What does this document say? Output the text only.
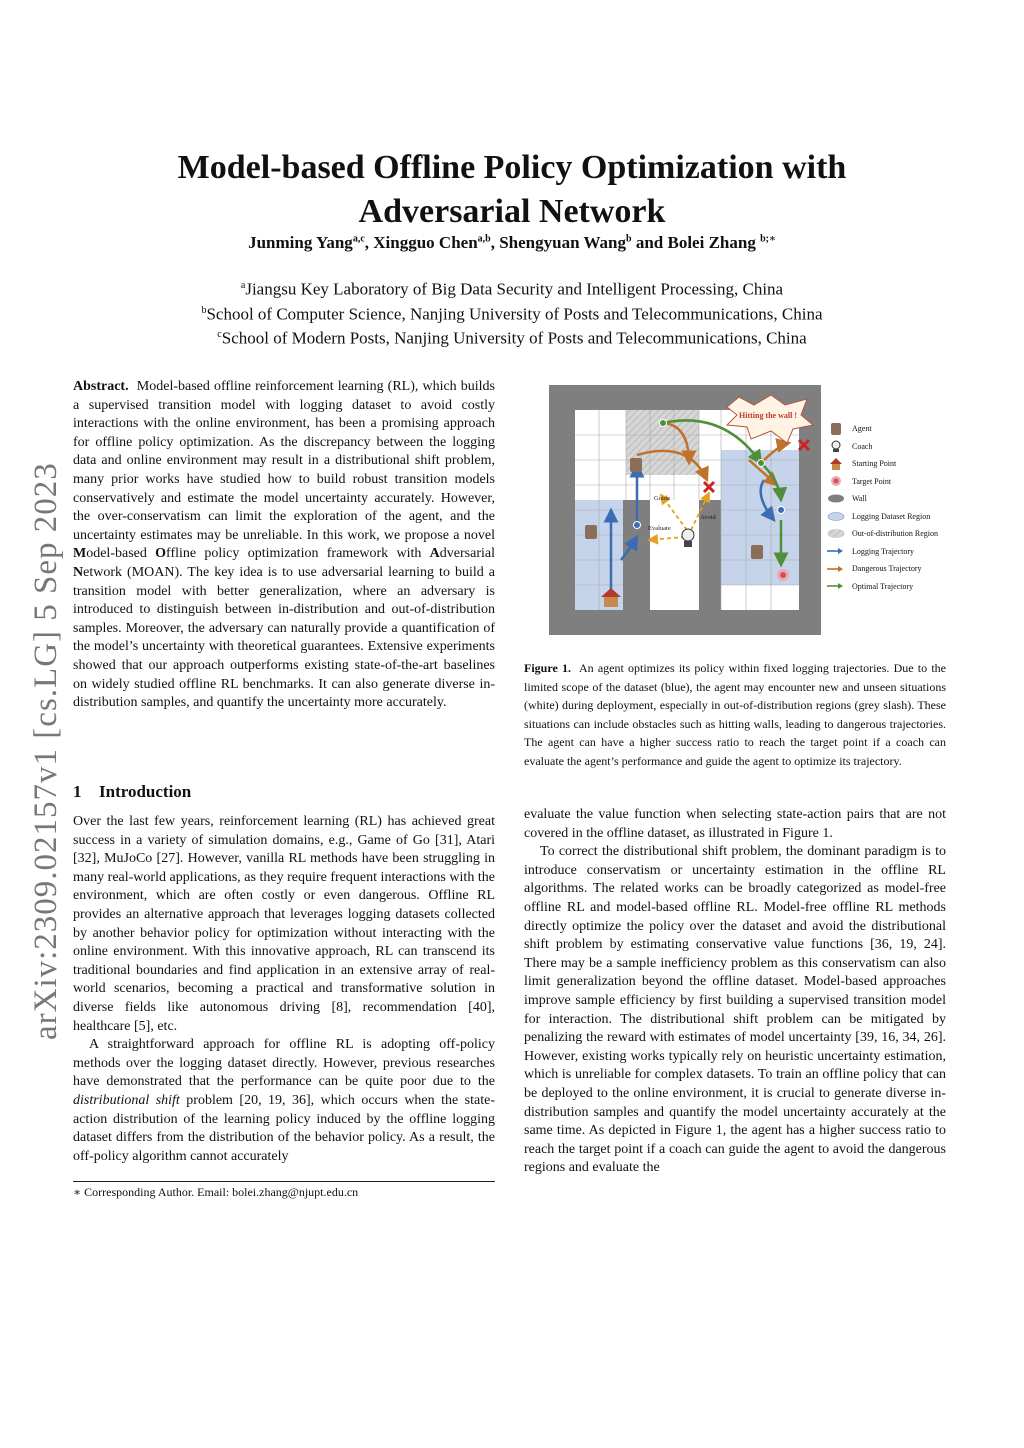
arXiv:2309.02157v1 [cs.LG] 5 Sep 2023
Model-based Offline Policy Optimization with
Adversarial Network
Junming Yang$^{a,c}$, Xingguo Chen$^{a,b}$, Shengyuan Wang$^b$ and Bolei Zhang $^{b;∗}$
$^a$Jiangsu Key Laboratory of Big Data Security and Intelligent Processing, China
$^b$School of Computer Science, Nanjing University of Posts and Telecommunications, China
$^c$School of Modern Posts, Nanjing University of Posts and Telecommunications, China

Abstract. Model-based offline reinforcement learning (RL), which builds a supervised transition model with logging dataset to avoid costly interactions with the online environment, has been a promising approach for offline policy optimization. As the discrepancy between the logging data and online environment may result in a distributional shift problem, many prior works have studied how to build robust transition models conservatively and estimate the model uncertainty accurately. However, the over-conservatism can limit the exploration of the agent, and the uncertainty estimates may be unreliable. In this work, we propose a novel Model-based Offline policy optimization framework with Adversarial Network (MOAN). The key idea is to use adversarial learning to build a transition model with better generalization, where an adversary is introduced to distinguish between in-distribution and out-of-distribution samples. Moreover, the adversary can naturally provide a quantification of the model’s uncertainty with theoretical guarantees. Extensive experiments showed that our approach outperforms existing state-of-the-art baselines on widely studied offline RL benchmarks. It can also generate diverse in-distribution samples, and quantify the uncertainty more accurately.

1 Introduction

Over the last few years, reinforcement learning (RL) has achieved great success in a variety of simulation domains, e.g., Game of Go [31], Atari [32], MuJoCo [27]. However, vanilla RL methods have been struggling in many real-world applications, as they require frequent interactions with the environment, which are often costly or even dangerous. Offline RL provides an alternative approach that leverages logging datasets collected by another behavior policy for optimization without interacting with the online environment. With this innovative approach, RL can transcend its traditional boundaries and find application in an extensive array of real-world scenarios, becoming a practical and transformative solution in diverse fields like autonomous driving [8], recommendation [40], healthcare [5], etc.

A straightforward approach for offline RL is adopting off-policy methods over the logging dataset directly. However, previous researches have demonstrated that the performance can be quite poor due to the distributional shift problem [20, 19, 36], which occurs when the state-action distribution of the learning policy induced by the offline logging dataset differs from the distribution of the behavior policy. As a result, the off-policy algorithm cannot accurately

∗ Corresponding Author. Email: bolei.zhang@njupt.edu.cn
Hitting the wall !
Guide
Evaluate
Avoid
Agent
Coach
Starting Point
Target Point
Wall
Logging Dataset Region
Out-of-distribution Region
Logging Trajectory
Dangerous Trajectory
Optimal Trajectory
Figure 1. An agent optimizes its policy within fixed logging trajectories. Due to the limited scope of the dataset (blue), the agent may encounter new and unseen situations (white) during deployment, especially in out-of-distribution regions (grey slash). These situations can include obstacles such as hitting walls, leading to dangerous trajectories. The agent can have a higher success ratio to reach the target point if a coach can evaluate the agent’s performance and guide the agent to optimize its trajectory.

evaluate the value function when selecting state-action pairs that are not covered in the offline dataset, as illustrated in Figure 1.

To correct the distributional shift problem, the dominant paradigm is to introduce conservatism or uncertainty estimation in the offline RL algorithms. The related works can be broadly categorized as model-free offline RL and model-based offline RL. Model-free offline RL methods directly optimize the policy over the dataset and avoid the distributional shift problem by estimating conservative value functions [36, 19, 24]. There may be a sample inefficiency problem as this conservatism can also limit generalization beyond the offline dataset. Model-based approaches improve sample efficiency by first building a supervised transition model for interaction. The distributional shift problem can be mitigated by penalizing the reward with estimates of model uncertainty [39, 16, 34, 26]. However, existing works typically rely on heuristic uncertainty estimation, which is unreliable for complex datasets. To train an offline policy that can be deployed to the online environment, it is crucial to generate diverse in-distribution samples and quantify the model uncertainty accurately at the same time. As depicted in Figure 1, the agent has a higher success ratio to reach the target point if a coach can guide the agent to avoid the dangerous regions and evaluate the
